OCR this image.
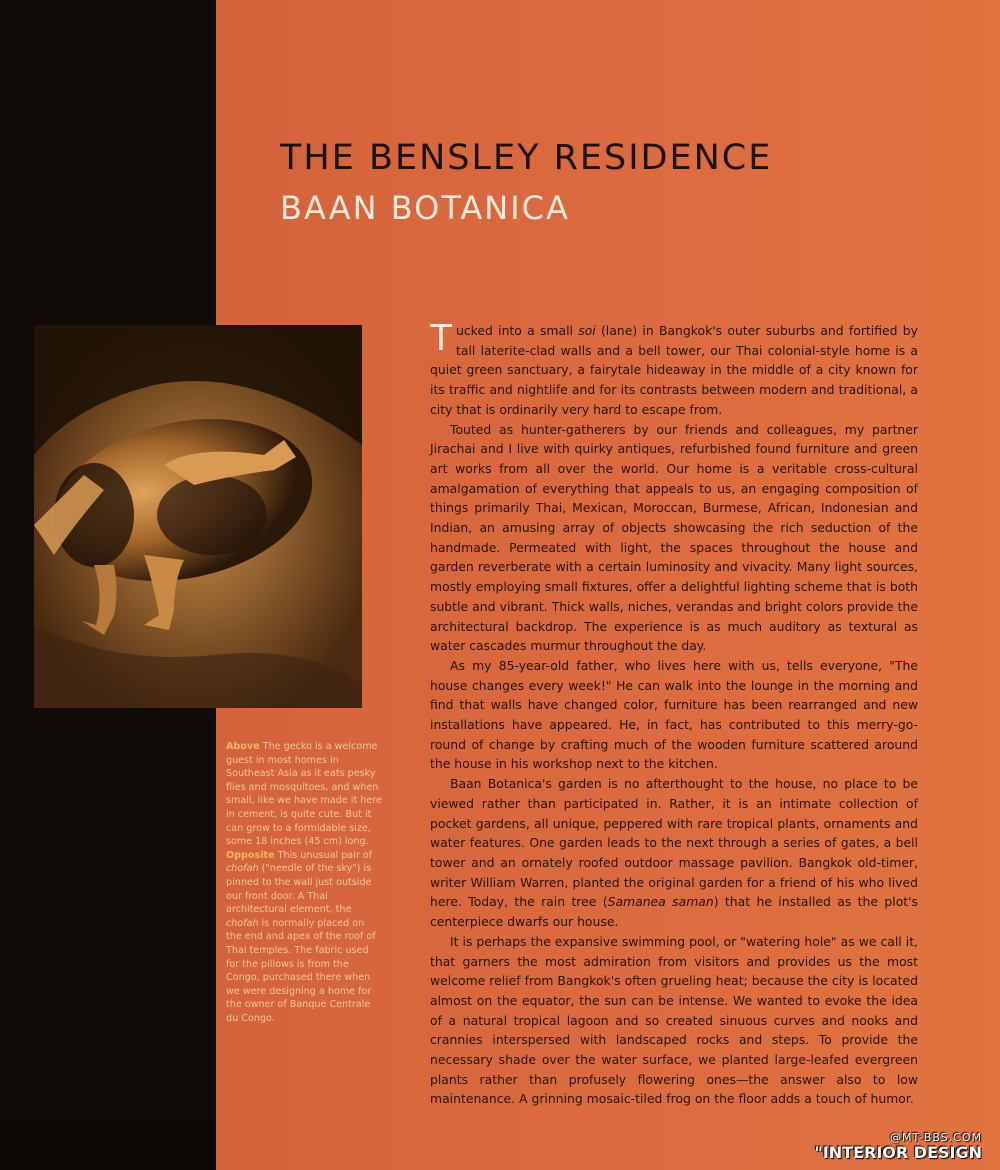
THE BENSLEY RESIDENCE
BAAN BOTANICA

Above The gecko is a welcome guest in most homes in Southeast Asia as it eats pesky flies and mosquitoes, and when small, like we have made it here in cement, is quite cute. But it can grow to a formidable size, some 18 inches (45 cm) long. Opposite This unusual pair of chofah ("needle of the sky") is pinned to the wall just outside our front door. A Thai architectural element, the chofah is normally placed on the end and apex of the roof of Thai temples. The fabric used for the pillows is from the Congo, purchased there when we were designing a home for the owner of Banque Centrale du Congo.

Tucked into a small soi (lane) in Bangkok's outer suburbs and fortified by tall laterite-clad walls and a bell tower, our Thai colonial-style home is a quiet green sanctuary, a fairytale hideaway in the middle of a city known for its traffic and nightlife and for its contrasts between modern and traditional, a city that is ordinarily very hard to escape from.

Touted as hunter-gatherers by our friends and colleagues, my partner Jirachai and I live with quirky antiques, refurbished found furniture and green art works from all over the world. Our home is a veritable cross-cultural amalgamation of everything that appeals to us, an engaging composition of things primarily Thai, Mexican, Moroccan, Burmese, African, Indonesian and Indian, an amusing array of objects showcasing the rich seduction of the handmade. Permeated with light, the spaces throughout the house and garden reverberate with a certain luminosity and vivacity. Many light sources, mostly employing small fixtures, offer a delightful lighting scheme that is both subtle and vibrant. Thick walls, niches, verandas and bright colors provide the architectural backdrop. The experience is as much auditory as textural as water cascades murmur throughout the day.

As my 85-year-old father, who lives here with us, tells everyone, "The house changes every week!" He can walk into the lounge in the morning and find that walls have changed color, furniture has been rearranged and new installations have appeared. He, in fact, has contributed to this merry-go-round of change by crafting much of the wooden furniture scattered around the house in his workshop next to the kitchen.

Baan Botanica's garden is no afterthought to the house, no place to be viewed rather than participated in. Rather, it is an intimate collection of pocket gardens, all unique, peppered with rare tropical plants, ornaments and water features. One garden leads to the next through a series of gates, a bell tower and an ornately roofed outdoor massage pavilion. Bangkok old-timer, writer William Warren, planted the original garden for a friend of his who lived here. Today, the rain tree (Samanea saman) that he installed as the plot's centerpiece dwarfs our house.

It is perhaps the expansive swimming pool, or "watering hole" as we call it, that garners the most admiration from visitors and provides us the most welcome relief from Bangkok's often grueling heat; because the city is located almost on the equator, the sun can be intense. We wanted to evoke the idea of a natural tropical lagoon and so created sinuous curves and nooks and crannies interspersed with landscaped rocks and steps. To provide the necessary shade over the water surface, we planted large-leafed evergreen plants rather than profusely flowering ones—the answer also to low maintenance. A grinning mosaic-tiled frog on the floor adds a touch of humor.

@MT-BBS.COM
"INTERIOR DESIGN
